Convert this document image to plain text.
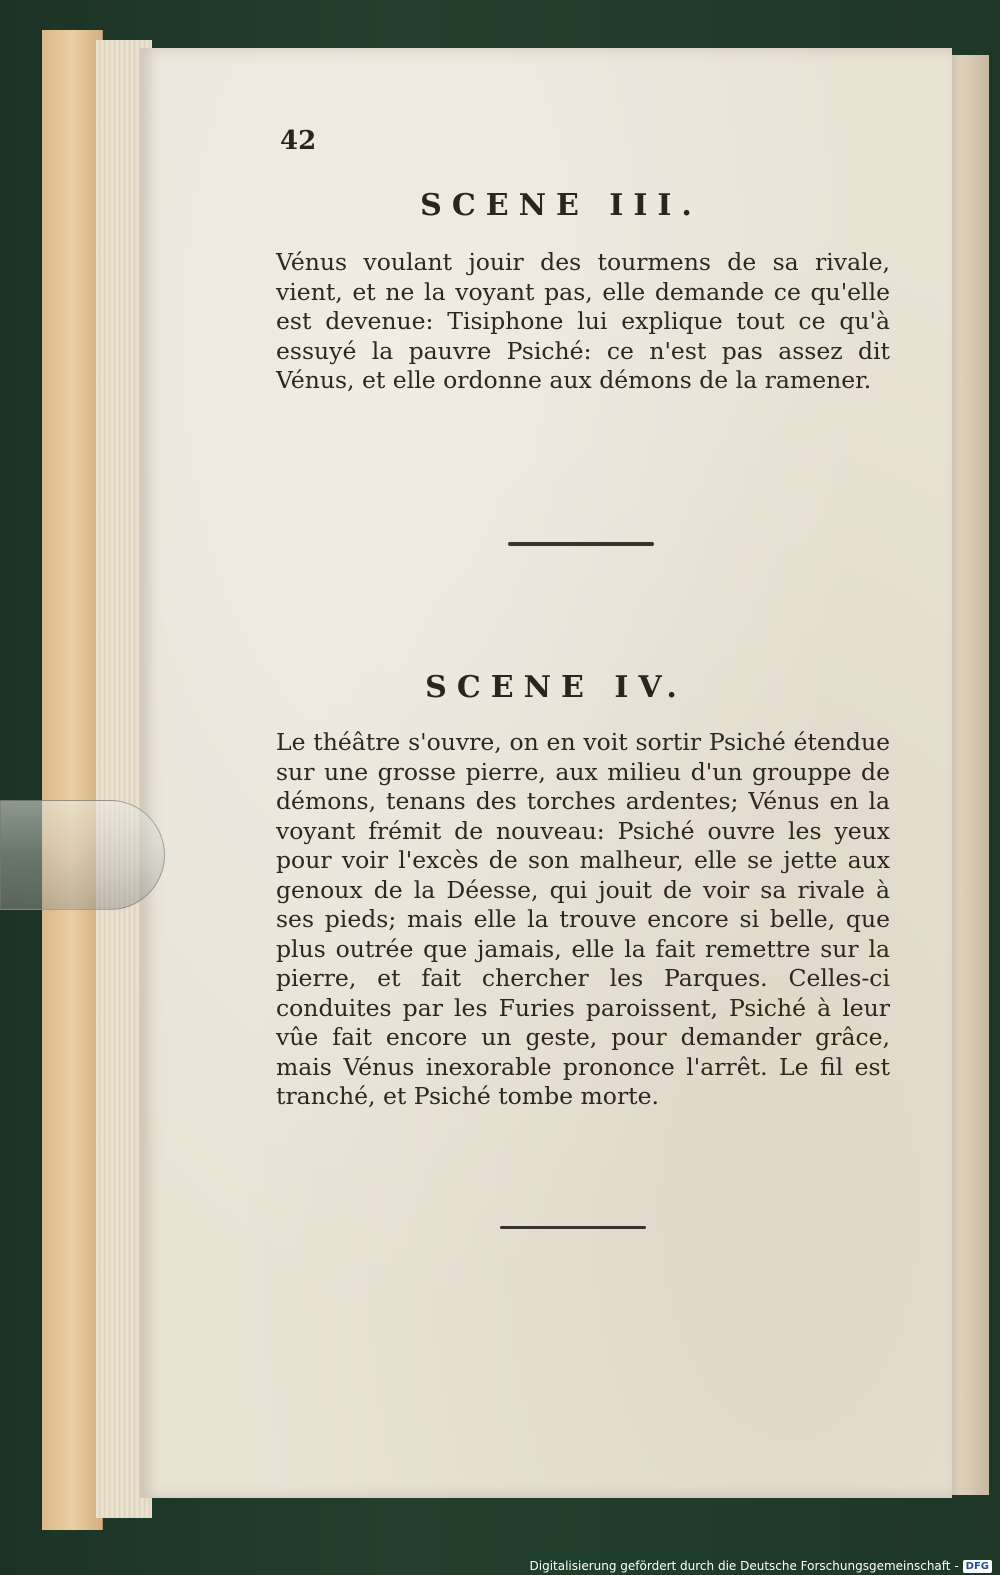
42
SCENE III.
Vénus voulant jouir des tourmens de sa rivale, vient, et ne la voyant pas, elle demande ce qu'elle est devenue: Tisiphone lui explique tout ce qu'à essuyé la pauvre Psiché: ce n'est pas assez dit Vénus, et elle ordonne aux démons de la ramener.
SCENE IV.
Le théâtre s'ouvre, on en voit sortir Psiché étendue sur une grosse pierre, aux milieu d'un grouppe de démons, tenans des torches ardentes; Vénus en la voyant frémit de nouveau: Psiché ouvre les yeux pour voir l'excès de son malheur, elle se jette aux genoux de la Déesse, qui jouit de voir sa rivale à ses pieds; mais elle la trouve encore si belle, que plus outrée que jamais, elle la fait remettre sur la pierre, et fait chercher les Parques. Celles-ci conduites par les Furies paroissent, Psiché à leur vûe fait encore un geste, pour demander grâce, mais Vénus inexorable prononce l'arrêt. Le fil est tranché, et Psiché tombe morte.
Digitalisierung gefördert durch die Deutsche Forschungsgemeinschaft - DFG
